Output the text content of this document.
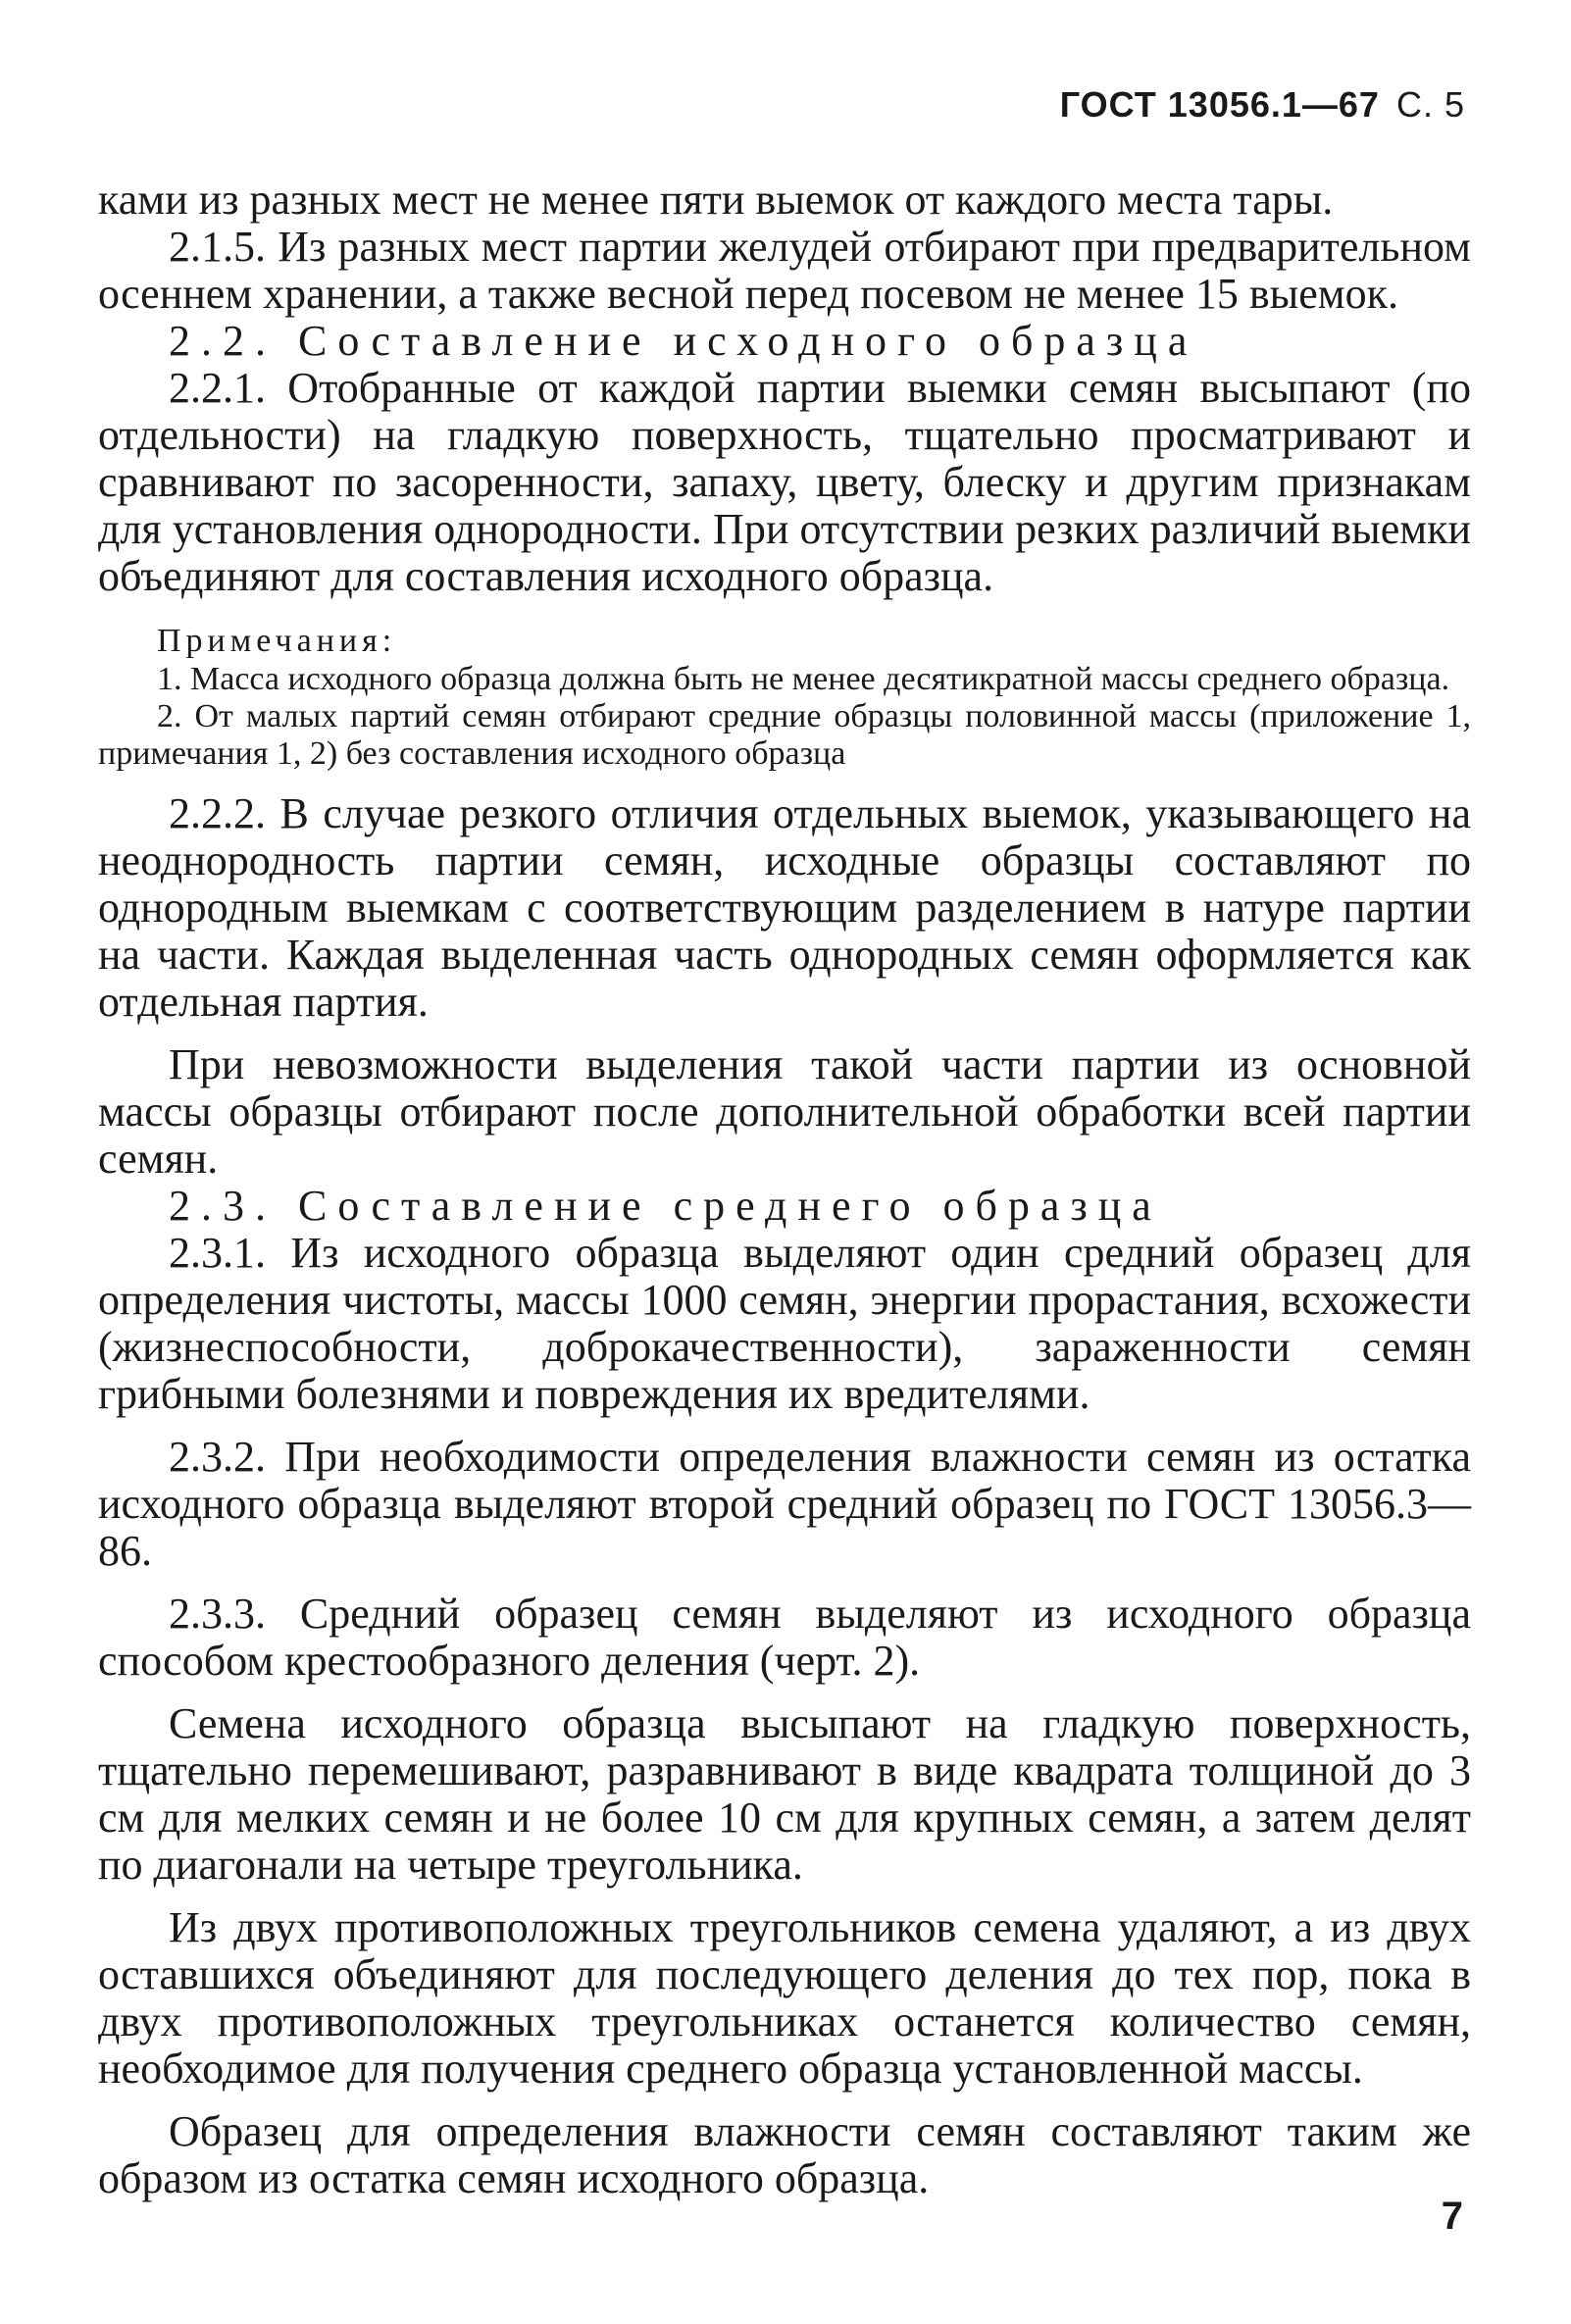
ГОСТ 13056.1—67 С. 5

ками из разных мест не менее пяти выемок от каждого места тары.

2.1.5. Из разных мест партии желудей отбирают при предварительном осеннем хранении, а также весной перед посевом не менее 15 выемок.

2.2. Составление исходного образца

2.2.1. Отобранные от каждой партии выемки семян высыпают (по отдельности) на гладкую поверхность, тщательно просматривают и сравнивают по засоренности, запаху, цвету, блеску и другим признакам для установления однородности. При отсутствии резких различий выемки объединяют для составления исходного образца.

Примечания:

1. Масса исходного образца должна быть не менее десятикратной массы среднего образца.

2. От малых партий семян отбирают средние образцы половинной массы (приложение 1, примечания 1, 2) без составления исходного образца

2.2.2. В случае резкого отличия отдельных выемок, указывающего на неоднородность партии семян, исходные образцы составляют по однородным выемкам с соответствующим разделением в натуре партии на части. Каждая выделенная часть однородных семян оформляется как отдельная партия.

При невозможности выделения такой части партии из основной массы образцы отбирают после дополнительной обработки всей партии семян.

2.3. Составление среднего образца

2.3.1. Из исходного образца выделяют один средний образец для определения чистоты, массы 1000 семян, энергии прорастания, всхожести (жизнеспособности, доброкачественности), зараженности семян грибными болезнями и повреждения их вредителями.

2.3.2. При необходимости определения влажности семян из остатка исходного образца выделяют второй средний образец по ГОСТ 13056.3—86.

2.3.3. Средний образец семян выделяют из исходного образца способом крестообразного деления (черт. 2).

Семена исходного образца высыпают на гладкую поверхность, тщательно перемешивают, разравнивают в виде квадрата толщиной до 3 см для мелких семян и не более 10 см для крупных семян, а затем делят по диагонали на четыре треугольника.

Из двух противоположных треугольников семена удаляют, а из двух оставшихся объединяют для последующего деления до тех пор, пока в двух противоположных треугольниках останется количество семян, необходимое для получения среднего образца установленной массы.

Образец для определения влажности семян составляют таким же образом из остатка семян исходного образца.

7
